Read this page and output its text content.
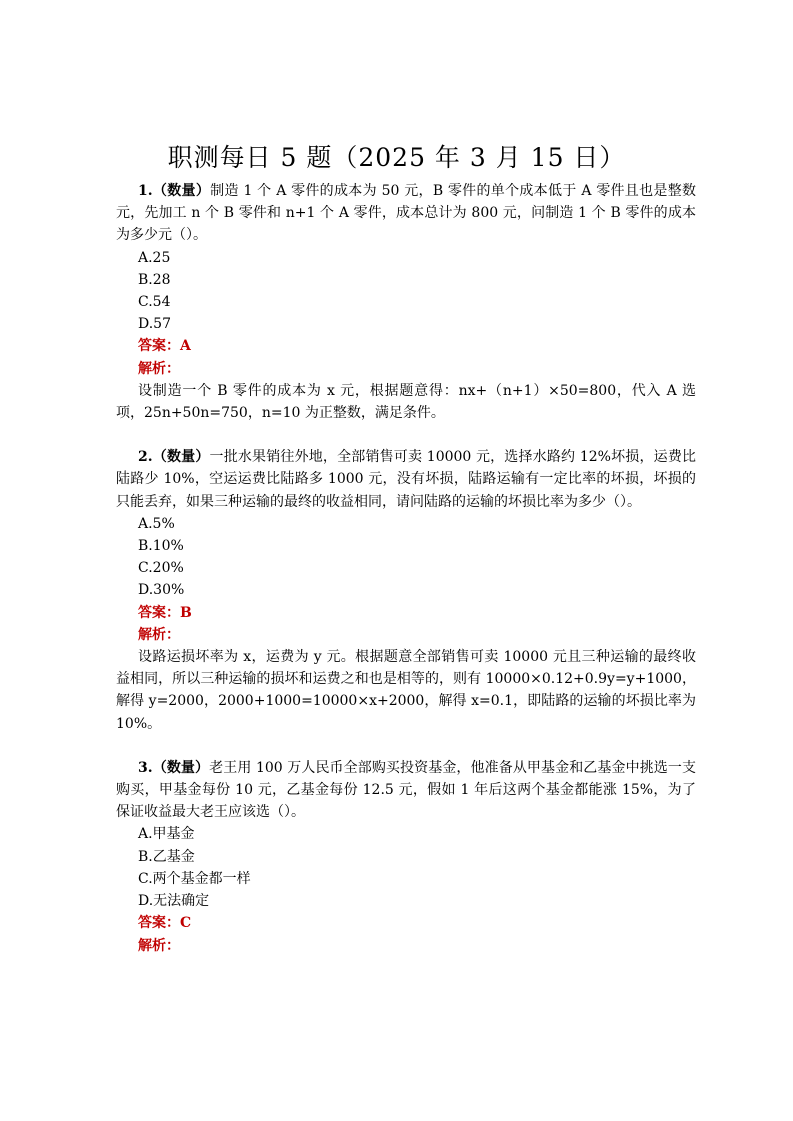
职测每日 5 题（2025 年 3 月 15 日）

1.（数量）制造 1 个 A 零件的成本为 50 元，B 零件的单个成本低于 A 零件且也是整数元，先加工 n 个 B 零件和 n+1 个 A 零件，成本总计为 800 元，问制造 1 个 B 零件的成本为多少元（）。

A.25

B.28

C.54

D.57

答案：A

解析：

设制造一个 B 零件的成本为 x 元，根据题意得：nx+（n+1）×50=800，代入 A 选项，25n+50n=750，n=10 为正整数，满足条件。

2.（数量）一批水果销往外地，全部销售可卖 10000 元，选择水路约 12%坏损，运费比陆路少 10%，空运运费比陆路多 1000 元，没有坏损，陆路运输有一定比率的坏损，坏损的只能丢弃，如果三种运输的最终的收益相同，请问陆路的运输的坏损比率为多少（）。

A.5%

B.10%

C.20%

D.30%

答案：B

解析：

设路运损坏率为 x，运费为 y 元。根据题意全部销售可卖 10000 元且三种运输的最终收益相同，所以三种运输的损坏和运费之和也是相等的，则有 10000×0.12+0.9y=y+1000，解得 y=2000，2000+1000=10000×x+2000，解得 x=0.1，即陆路的运输的坏损比率为 10%。

3.（数量）老王用 100 万人民币全部购买投资基金，他准备从甲基金和乙基金中挑选一支购买，甲基金每份 10 元，乙基金每份 12.5 元，假如 1 年后这两个基金都能涨 15%，为了保证收益最大老王应该选（）。

A.甲基金

B.乙基金

C.两个基金都一样

D.无法确定

答案：C

解析：
